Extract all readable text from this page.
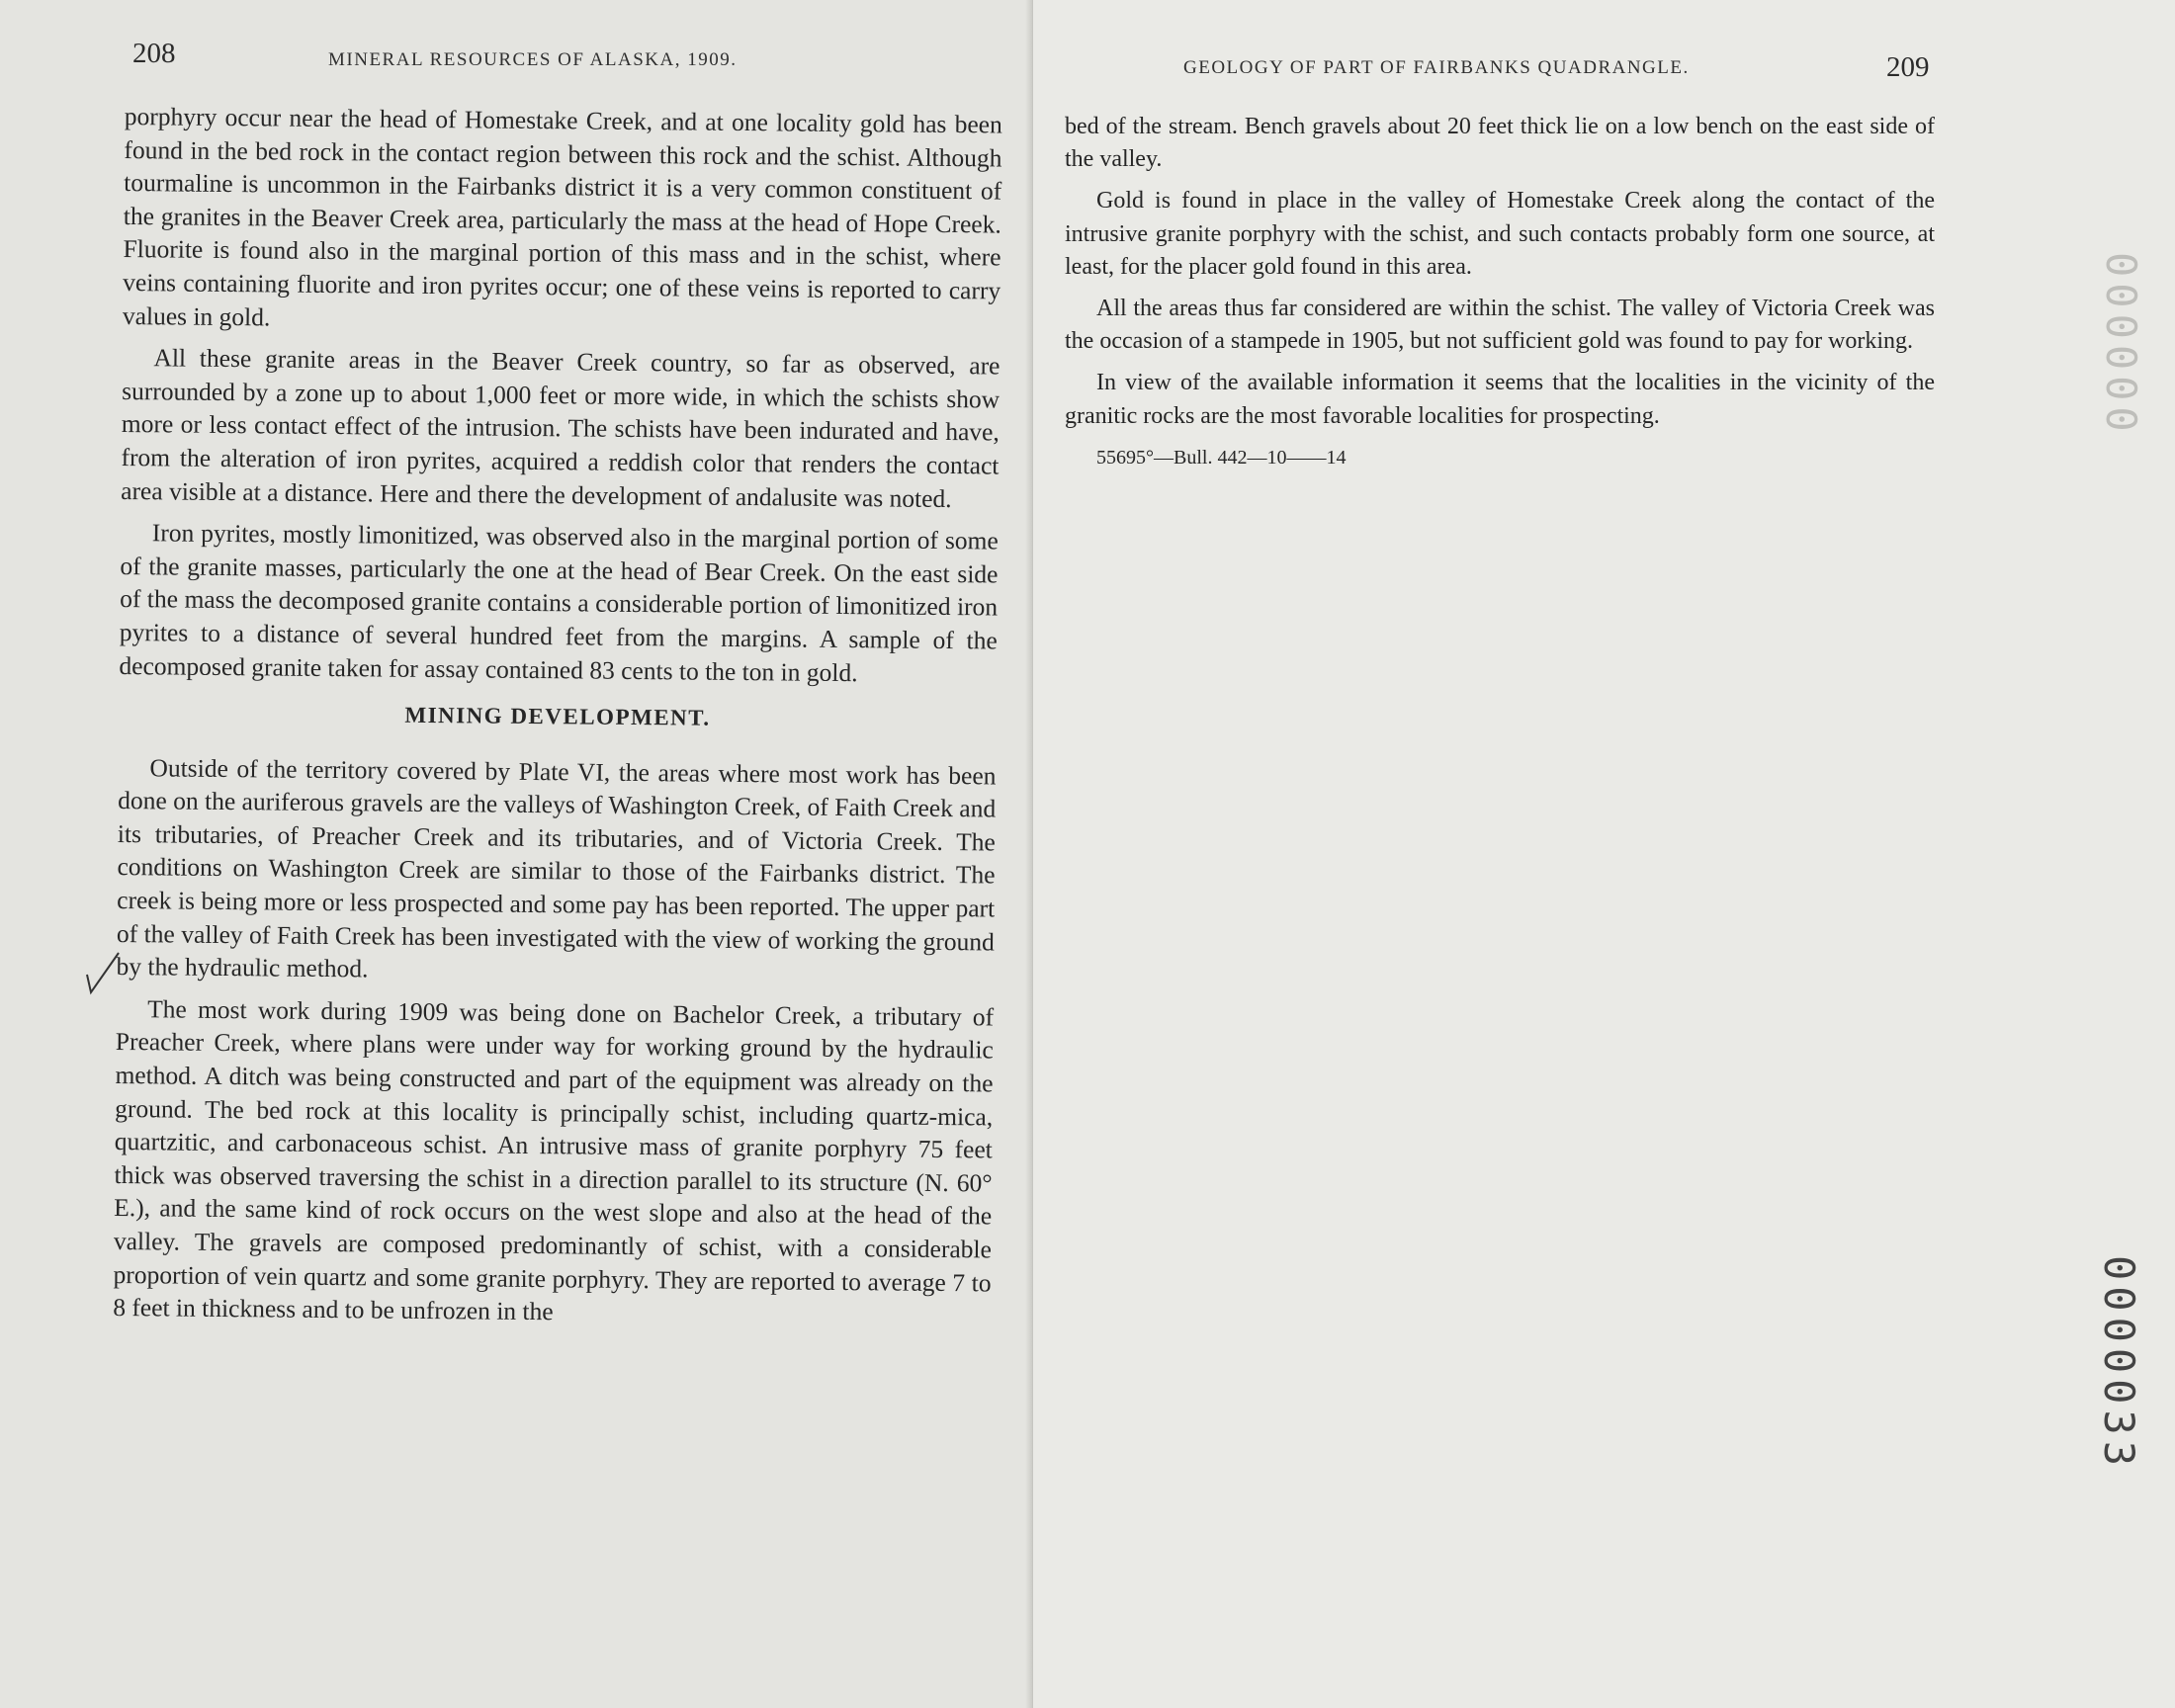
208	MINERAL RESOURCES OF ALASKA, 1909.

porphyry occur near the head of Homestake Creek, and at one locality gold has been found in the bed rock in the contact region between this rock and the schist. Although tourmaline is uncommon in the Fairbanks district it is a very common constituent of the granites in the Beaver Creek area, particularly the mass at the head of Hope Creek. Fluorite is found also in the marginal portion of this mass and in the schist, where veins containing fluorite and iron pyrites occur; one of these veins is reported to carry values in gold.

All these granite areas in the Beaver Creek country, so far as observed, are surrounded by a zone up to about 1,000 feet or more wide, in which the schists show more or less contact effect of the intrusion. The schists have been indurated and have, from the alteration of iron pyrites, acquired a reddish color that renders the contact area visible at a distance. Here and there the development of andalusite was noted.

Iron pyrites, mostly limonitized, was observed also in the marginal portion of some of the granite masses, particularly the one at the head of Bear Creek. On the east side of the mass the decomposed granite contains a considerable portion of limonitized iron pyrites to a distance of several hundred feet from the margins. A sample of the decomposed granite taken for assay contained 83 cents to the ton in gold.

MINING DEVELOPMENT.

Outside of the territory covered by Plate VI, the areas where most work has been done on the auriferous gravels are the valleys of Washington Creek, of Faith Creek and its tributaries, of Preacher Creek and its tributaries, and of Victoria Creek. The conditions on Washington Creek are similar to those of the Fairbanks district. The creek is being more or less prospected and some pay has been reported. The upper part of the valley of Faith Creek has been investigated with the view of working the ground by the hydraulic method.

The most work during 1909 was being done on Bachelor Creek, a tributary of Preacher Creek, where plans were under way for working ground by the hydraulic method. A ditch was being constructed and part of the equipment was already on the ground. The bed rock at this locality is principally schist, including quartz-mica, quartzitic, and carbonaceous schist. An intrusive mass of granite porphyry 75 feet thick was observed traversing the schist in a direction parallel to its structure (N. 60° E.), and the same kind of rock occurs on the west slope and also at the head of the valley. The gravels are composed predominantly of schist, with a considerable proportion of vein quartz and some granite porphyry. They are reported to average 7 to 8 feet in thickness and to be unfrozen in the

GEOLOGY OF PART OF FAIRBANKS QUADRANGLE.	209

bed of the stream. Bench gravels about 20 feet thick lie on a low bench on the east side of the valley.

Gold is found in place in the valley of Homestake Creek along the contact of the intrusive granite porphyry with the schist, and such contacts probably form one source, at least, for the placer gold found in this area.

All the areas thus far considered are within the schist. The valley of Victoria Creek was the occasion of a stampede in 1905, but not sufficient gold was found to pay for working.

In view of the available information it seems that the localities in the vicinity of the granitic rocks are the most favorable localities for prospecting.

55695°—Bull. 442—10——14

000000
0000033
